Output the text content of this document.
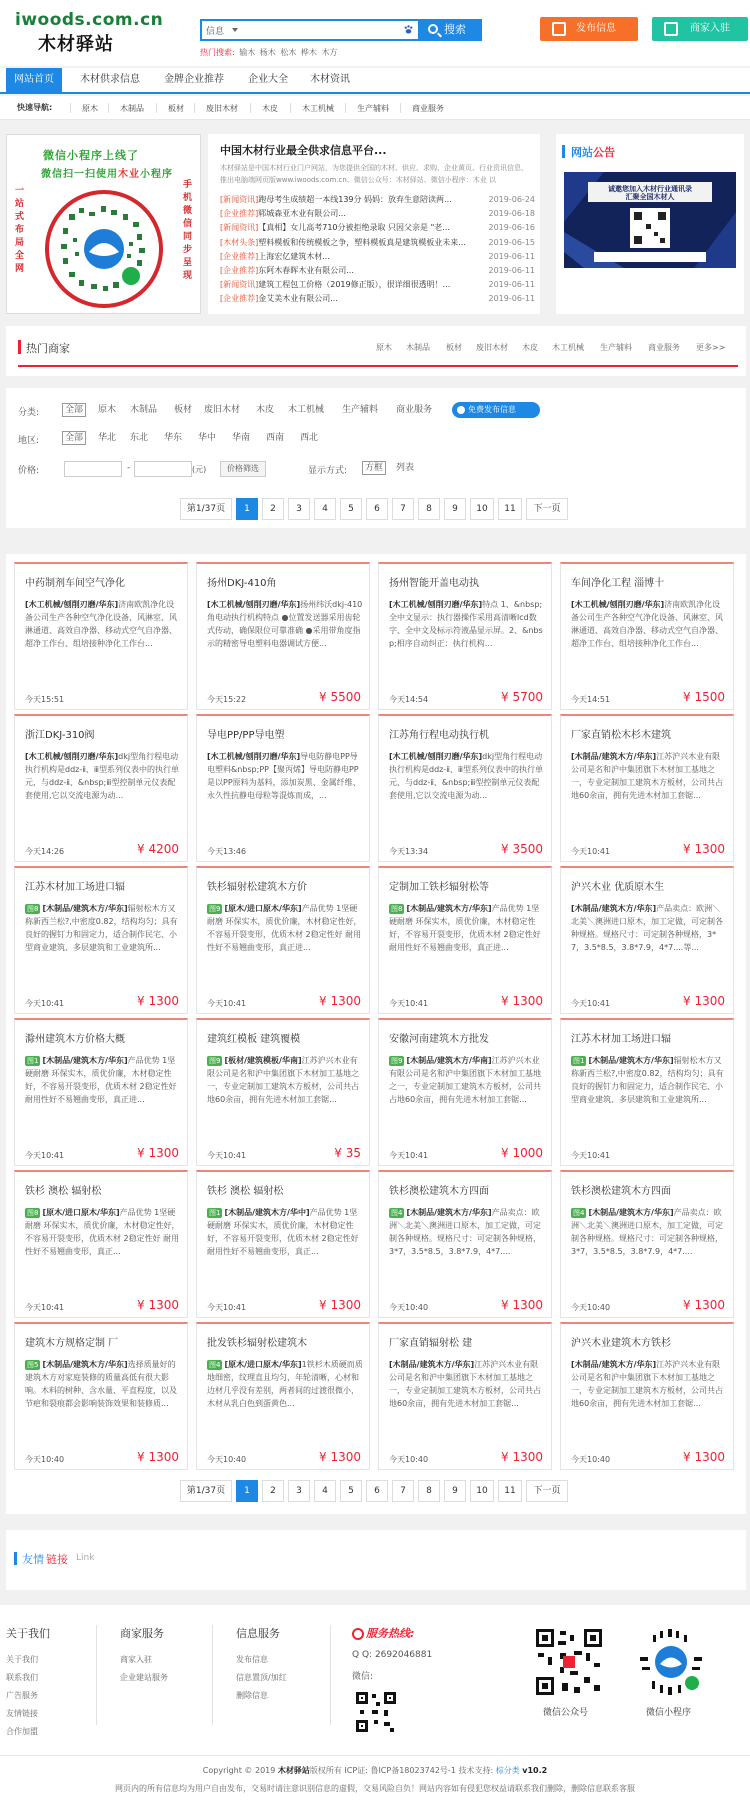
iwoods.com.cn
木材驿站
信息	搜索
热门搜索: 输木 杨木 松木 桦木 木方
发布信息	商家入驻
网站首页	木材供求信息	金牌企业推荐	企业大全	木材资讯
快速导航:	原木	木制品	板材	废旧木材	木皮	木工机械	生产辅料	商业服务
微信小程序上线了
微信扫一扫使用木业小程序
一站式布局全网
手机微信同步呈现
中国木材行业最全供求信息平台...
木材驿站是中国木材行业门户网站，为您提供全国的木材、供应、求购、企业黄页、行业资讯信息，推出电脑端网页版www.iwoods.com.cn、微信公众号：木材驿站、微信小程序：木业 以
[新闻资讯]跑母考生成绩超一本线139分 妈妈：放弃生意陪读两...	2019-06-24
[企业推荐]郓城森亚木业有限公司...	2019-06-18
[新闻资讯]【真相】女儿高考710分被拒绝录取 只因父亲是 "老...	2019-06-16
[木材头条]塑料模板和传统模板之争，塑料模板真是建筑模板业未来...	2019-06-15
[企业推荐]上海宏亿建筑木材...	2019-06-11
[企业推荐]东阿木春晖木业有限公司...	2019-06-11
[新闻资讯]建筑工程包工价格（2019修正版），很详细很透明！...	2019-06-11
[企业推荐]金艾美木业有限公司...	2019-06-11
网站公告
诚邀您加入木材行业通讯录
汇聚全国木材人
热门商家	原木 木制品 板材 废旧木材 木皮 木工机械 生产辅料 商业服务 更多>>
分类:	全部	原木 木制品 板材 废旧木材 木皮 木工机械 生产辅料 商业服务	免费发布信息
地区:	全部	华北 东北 华东 华中 华南 西南 西北
价格:	-	(元)	价格筛选	显示方式:	方框	列表
第1/37页	1	2	3	4	5	6	7	8	9	10	11	下一页
中药制剂车间空气净化
[木工机械/刨削刃磨/华东]济南欧凯净化设备公司生产各种空气净化设备、风淋室、风淋通道、高效自净器、移动式空气自净器、超净工作台、组培接种净化工作台...
今天15:51
扬州DKJ-410角
[木工机械/刨削刃磨/华东]扬州纬沃dkj-410角电动执行机构特点 ●位置发送器采用齿轮式传动，确保限位可靠准确 ●采用带角度指示的精密导电塑料电器调试方便...
今天15:22	¥ 5500
扬州智能开盖电动执
[木工机械/刨削刃磨/华东]特点 1、&nbsp;全中文显示：执行器操作采用高清晰lcd数字、全中文及标示符液晶显示屏。2、&nbsp;相序自动纠正：执行机构...
今天14:54	¥ 5700
车间净化工程 淄博十
[木工机械/刨削刃磨/华东]济南欧凯净化设备公司生产各种空气净化设备、风淋室、风淋通道、高效自净器、移动式空气自净器、超净工作台、组培接种净化工作台...
今天14:51	¥ 1500
浙江DKJ-310阀
[木工机械/刨削刃磨/华东]dkj型角行程电动执行机构是ddz-ⅱ、ⅲ型系列仪表中的执行单元，与ddz-ⅱ、&nbsp;ⅲ型控制单元仪表配套使用,它以交流电源为动...
今天14:26	¥ 4200
导电PP/PP导电塑
[木工机械/刨削刃磨/华东]导电防静电PP导电塑料&nbsp;PP【聚丙烯】导电防静电PP是以PP原料为基料，添加炭黑、金属纤维、永久性抗静电母粒等混炼而成，...
今天13:46
江苏角行程电动执行机
[木工机械/刨削刃磨/华东]dkj型角行程电动执行机构是ddz-ⅱ、ⅲ型系列仪表中的执行单元，与ddz-ⅱ、&nbsp;ⅲ型控制单元仪表配套使用,它以交流电源为动...
今天13:34	¥ 3500
厂家直销松木杉木建筑
[木制品/建筑木方/华东]江苏沪兴木业有限公司是名和沪中集团旗下木材加工基地之一，专业定制加工建筑木方板材，公司共占地60余亩，拥有先进木材加工套锯...
今天10:41	¥ 1300
江苏木材加工场进口辐
图8 [木制品/建筑木方/华东]辐射松木方又称新西兰松?,中密度0.82，结构均匀；具有良好的握钉力和固定力，适合制作民宅、小型商业建筑、多层建筑和工业建筑所...
今天10:41	¥ 1300
铁杉辐射松建筑木方价
图9 [原木/进口原木/华东]产品优势 1坚硬耐磨 环保实木，质优价廉，木材稳定性好，不容易开裂变形，优质木材 2稳定性好 耐用性好不易翘曲变形，真正进...
今天10:41	¥ 1300
定制加工铁杉辐射松等
图8 [木制品/建筑木方/华东]产品优势 1坚硬耐磨 环保实木，质优价廉，木材稳定性好，不容易开裂变形，优质木材 2稳定性好 耐用性好不易翘曲变形，真正进...
今天10:41	¥ 1300
沪兴木业 优质原木生
[木制品/建筑木方/华东]产品卖点：欧洲＼北美＼澳洲进口原木，加工定做，可定制各种规格。规格尺寸：可定制各种规格，3*7，3.5*8.5，3.8*7.9，4*7....等...
今天10:41	¥ 1300
滁州建筑木方价格大概
图1 [木制品/建筑木方/华东]产品优势 1坚硬耐磨 环保实木，质优价廉，木材稳定性好，不容易开裂变形，优质木材 2稳定性好 耐用性好不易翘曲变形，真正进...
今天10:41	¥ 1300
建筑红模板 建筑覆模
图9 [板材/建筑模板/华南]江苏沪兴木业有限公司是名和沪中集团旗下木材加工基地之一，专业定制加工建筑木方板材，公司共占地60余亩，拥有先进木材加工套锯...
今天10:41	¥ 35
安徽河南建筑木方批发
图9 [木制品/建筑木方/华南]江苏沪兴木业有限公司是名和沪中集团旗下木材加工基地之一，专业定制加工建筑木方板材，公司共占地60余亩，拥有先进木材加工套锯...
今天10:41	¥ 1000
江苏木材加工场进口辐
图1 [木制品/建筑木方/华东]辐射松木方又称新西兰松?,中密度0.82，结构均匀；具有良好的握钉力和固定力，适合制作民宅、小型商业建筑、多层建筑和工业建筑所...
今天10:41
铁杉 澳松 辐射松
图8 [原木/进口原木/华东]产品优势 1坚硬耐磨 环保实木，质优价廉，木材稳定性好，不容易开裂变形，优质木材 2稳定性好 耐用性好不易翘曲变形，真正...
今天10:41	¥ 1300
铁杉 澳松 辐射松
图1 [木制品/建筑木方/华中]产品优势 1坚硬耐磨 环保实木，质优价廉，木材稳定性好，不容易开裂变形，优质木材 2稳定性好 耐用性好不易翘曲变形，真正...
今天10:41	¥ 1300
铁杉澳松建筑木方四面
图4 [木制品/建筑木方/华东]产品卖点：欧洲＼北美＼澳洲进口原木，加工定做，可定制各种规格。规格尺寸：可定制各种规格，3*7，3.5*8.5，3.8*7.9，4*7....
今天10:40	¥ 1300
铁杉澳松建筑木方四面
图4 [木制品/建筑木方/华东]产品卖点：欧洲＼北美＼澳洲进口原木，加工定做，可定制各种规格。规格尺寸：可定制各种规格，3*7，3.5*8.5，3.8*7.9，4*7....
今天10:40	¥ 1300
建筑木方规格定制 厂
图5 [木制品/建筑木方/华东]选择质量好的建筑木方对家庭装修的质量高低有很大影响。木料的树种、含水量、平直程度，以及节疤和裂痕都会影响装饰效果和装修质...
今天10:40	¥ 1300
批发铁杉辐射松建筑木
图4 [原木/进口原木/华东]1铁杉木质硬而质地细密，纹理直且均匀，年轮清晰，心材和边材几乎没有差别，两者间的过渡很微小，木材从乳白色到蛋黄色...
今天10:40	¥ 1300
厂家直销辐射松 建
[木制品/建筑木方/华东]江苏沪兴木业有限公司是名和沪中集团旗下木材加工基地之一，专业定制加工建筑木方板材，公司共占地60余亩，拥有先进木材加工套锯...
今天10:40	¥ 1300
沪兴木业建筑木方铁杉
[木制品/建筑木方/华东]江苏沪兴木业有限公司是名和沪中集团旗下木材加工基地之一，专业定制加工建筑木方板材，公司共占地60余亩，拥有先进木材加工套锯...
今天10:40	¥ 1300
第1/37页	1	2	3	4	5	6	7	8	9	10	11	下一页
友情 链接 Link
关于我们
关于我们
联系我们
广告服务
友情链接
合作加盟
商家服务
商家入驻
企业建站服务
信息服务
发布信息
信息置顶/加红
删除信息
服务热线:
Q Q: 2692046881
微信:
微信公众号	微信小程序
Copyright © 2019 木材驿站版权所有 ICP证: 鲁ICP备18023742号-1 技术支持: 棕分类 v10.2
网页内的所有信息均为用户自由发布，交易时请注意识别信息的虚假，交易风险自负！网站内容如有侵犯您权益请联系我们删除，删除信息联系客服
